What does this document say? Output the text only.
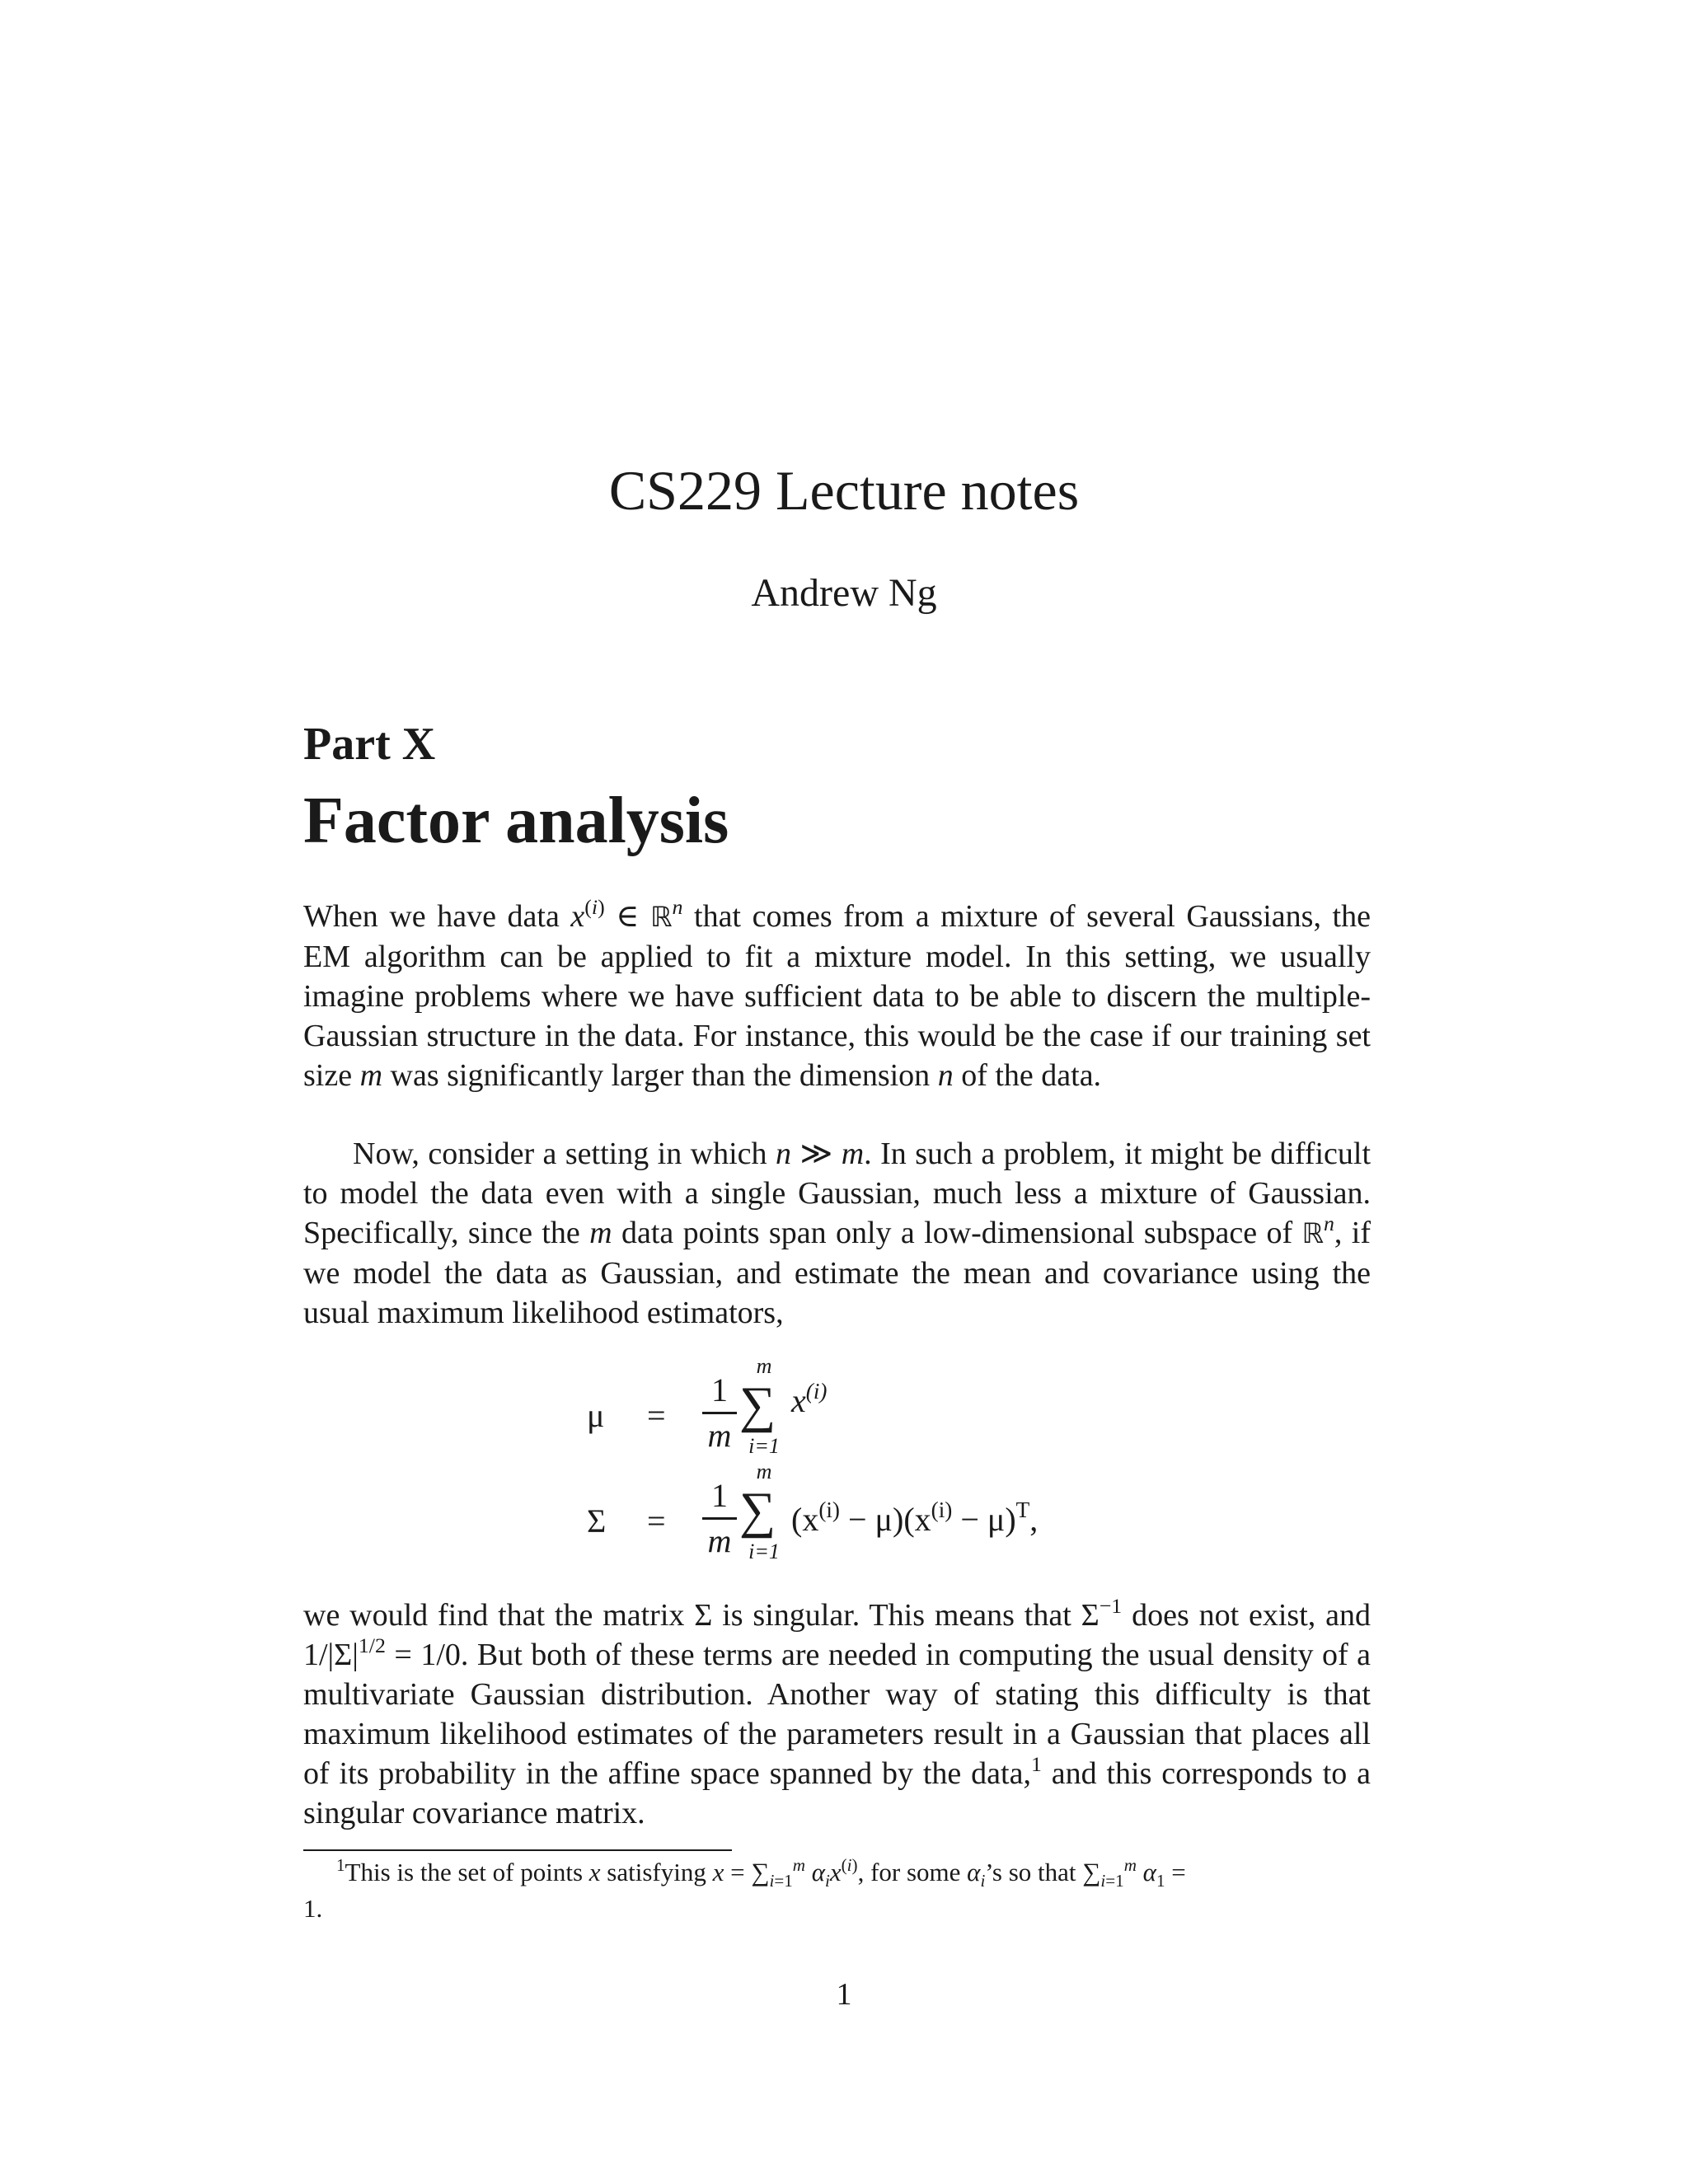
CS229 Lecture notes
Andrew Ng
Part X
Factor analysis
When we have data $x^{(i)}$ ∈ ℝ$^n$ that comes from a mixture of several Gaussians, the EM algorithm can be applied to fit a mixture model. In this setting, we usually imagine problems where we have sufficient data to be able to discern the multiple-Gaussian structure in the data. For instance, this would be the case if our training set size m was significantly larger than the dimension n of the data.
Now, consider a setting in which n ≫ m. In such a problem, it might be difficult to model the data even with a single Gaussian, much less a mixture of Gaussian. Specifically, since the m data points span only a low-dimensional subspace of ℝ$^n$, if we model the data as Gaussian, and estimate the mean and covariance using the usual maximum likelihood estimators,
μ =
1
m
m
∑
i=1
$x^{(i)}$
Σ =
1
m
m
∑
i=1
$(x^{(i)} - \mu)(x^{(i)} - \mu)^T$,
we would find that the matrix Σ is singular. This means that $\Sigma^{-1}$ does not exist, and $1/|\Sigma|^{1/2} = 1/0$. But both of these terms are needed in computing the usual density of a multivariate Gaussian distribution. Another way of stating this difficulty is that maximum likelihood estimates of the parameters result in a Gaussian that places all of its probability in the affine space spanned by the data,$^1$ and this corresponds to a singular covariance matrix.
$^1$This is the set of points x satisfying $x = \sum_{i=1}^m$ $\alpha_ix^{(i)}$, for some $\alpha_i’s$ so that $\sum_{i=1}^m$ $\alpha_1$ =
1.
1
